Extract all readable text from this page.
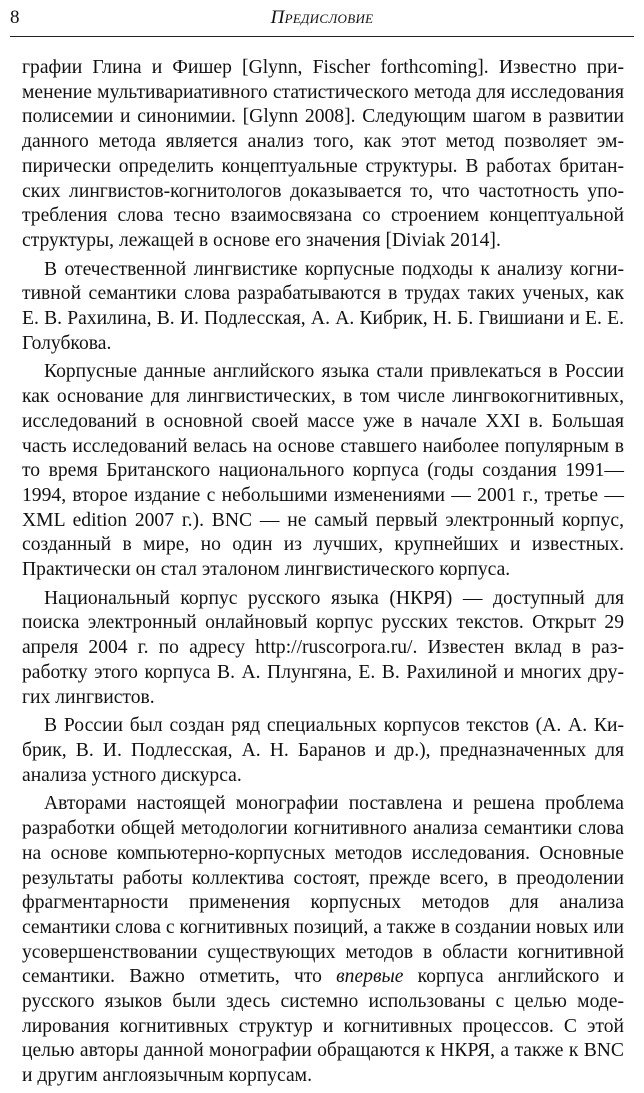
8	Предисловие

графии Глина и Фишер [Glynn, Fischer forthcoming]. Известно применение мультивариативного статистического метода для исследования полисемии и синонимии. [Glynn 2008]. Следующим шагом в развитии данного метода является анализ того, как этот метод позволяет эмпирически определить концептуальные структуры. В работах британских лингвистов-когнитологов доказывается то, что частотность употребления слова тесно взаимосвязана со строением концептуальной структуры, лежащей в основе его значения [Diviak 2014].

В отечественной лингвистике корпусные подходы к анализу когнитивной семантики слова разрабатываются в трудах таких ученых, как Е. В. Рахилина, В. И. Подлесская, А. А. Кибрик, Н. Б. Гвишиани и Е. Е. Голубкова.

Корпусные данные английского языка стали привлекаться в России как основание для лингвистических, в том числе лингвокогнитивных, исследований в основной своей массе уже в начале XXI в. Большая часть исследований велась на основе ставшего наиболее популярным в то время Британского национального корпуса (годы создания 1991—1994, второе издание с небольшими изменениями — 2001 г., третье — XML edition 2007 г.). BNC — не самый первый электронный корпус, созданный в мире, но один из лучших, крупнейших и известных. Практически он стал эталоном лингвистического корпуса.

Национальный корпус русского языка (НКРЯ) — доступный для поиска электронный онлайновый корпус русских текстов. Открыт 29 апреля 2004 г. по адресу http://ruscorpora.ru/. Известен вклад в разработку этого корпуса В. А. Плунгяна, Е. В. Рахилиной и многих других лингвистов.

В России был создан ряд специальных корпусов текстов (А. А. Кибрик, В. И. Подлесская, А. Н. Баранов и др.), предназначенных для анализа устного дискурса.

Авторами настоящей монографии поставлена и решена проблема разработки общей методологии когнитивного анализа семантики слова на основе компьютерно-корпусных методов исследования. Основные результаты работы коллектива состоят, прежде всего, в преодолении фрагментарности применения корпусных методов для анализа семантики слова с когнитивных позиций, а также в создании новых или усовершенствовании существующих методов в области когнитивной семантики. Важно отметить, что впервые корпуса английского и русского языков были здесь системно использованы с целью моделирования когнитивных структур и когнитивных процессов. С этой целью авторы данной монографии обращаются к НКРЯ, а также к BNC и другим англоязычным корпусам.
